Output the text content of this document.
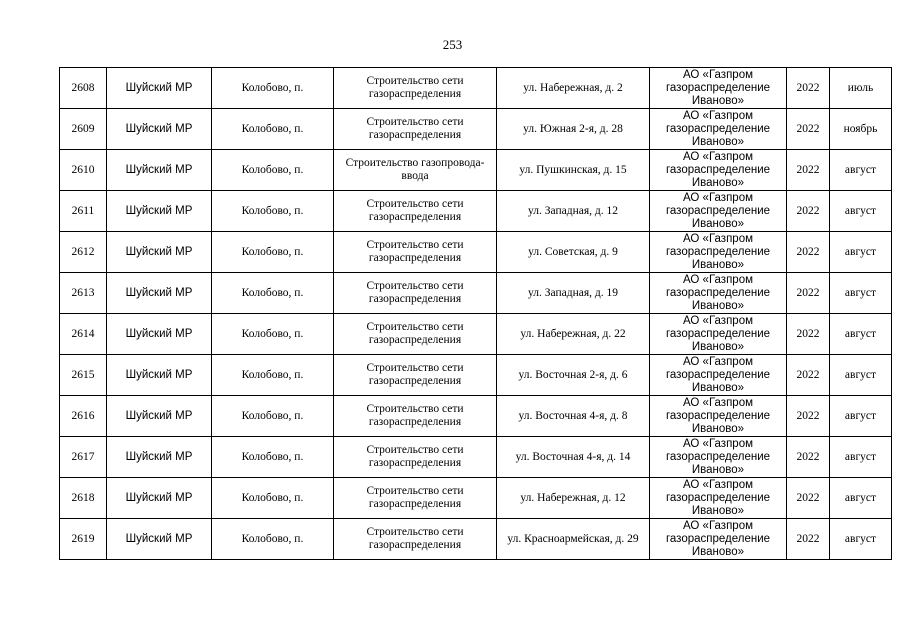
253
2608	Шуйский МР	Колобово, п.	Строительство сети газораспределения	ул. Набережная, д. 2	АО «Газпром газораспределение Иваново»	2022	июль
2609	Шуйский МР	Колобово, п.	Строительство сети газораспределения	ул. Южная 2-я, д. 28	АО «Газпром газораспределение Иваново»	2022	ноябрь
2610	Шуйский МР	Колобово, п.	Строительство газопровода-ввода	ул. Пушкинская, д. 15	АО «Газпром газораспределение Иваново»	2022	август
2611	Шуйский МР	Колобово, п.	Строительство сети газораспределения	ул. Западная, д. 12	АО «Газпром газораспределение Иваново»	2022	август
2612	Шуйский МР	Колобово, п.	Строительство сети газораспределения	ул. Советская, д. 9	АО «Газпром газораспределение Иваново»	2022	август
2613	Шуйский МР	Колобово, п.	Строительство сети газораспределения	ул. Западная, д. 19	АО «Газпром газораспределение Иваново»	2022	август
2614	Шуйский МР	Колобово, п.	Строительство сети газораспределения	ул. Набережная, д. 22	АО «Газпром газораспределение Иваново»	2022	август
2615	Шуйский МР	Колобово, п.	Строительство сети газораспределения	ул. Восточная 2-я, д. 6	АО «Газпром газораспределение Иваново»	2022	август
2616	Шуйский МР	Колобово, п.	Строительство сети газораспределения	ул. Восточная 4-я, д. 8	АО «Газпром газораспределение Иваново»	2022	август
2617	Шуйский МР	Колобово, п.	Строительство сети газораспределения	ул. Восточная 4-я, д. 14	АО «Газпром газораспределение Иваново»	2022	август
2618	Шуйский МР	Колобово, п.	Строительство сети газораспределения	ул. Набережная, д. 12	АО «Газпром газораспределение Иваново»	2022	август
2619	Шуйский МР	Колобово, п.	Строительство сети газораспределения	ул. Красноармейская, д. 29	АО «Газпром газораспределение Иваново»	2022	август
